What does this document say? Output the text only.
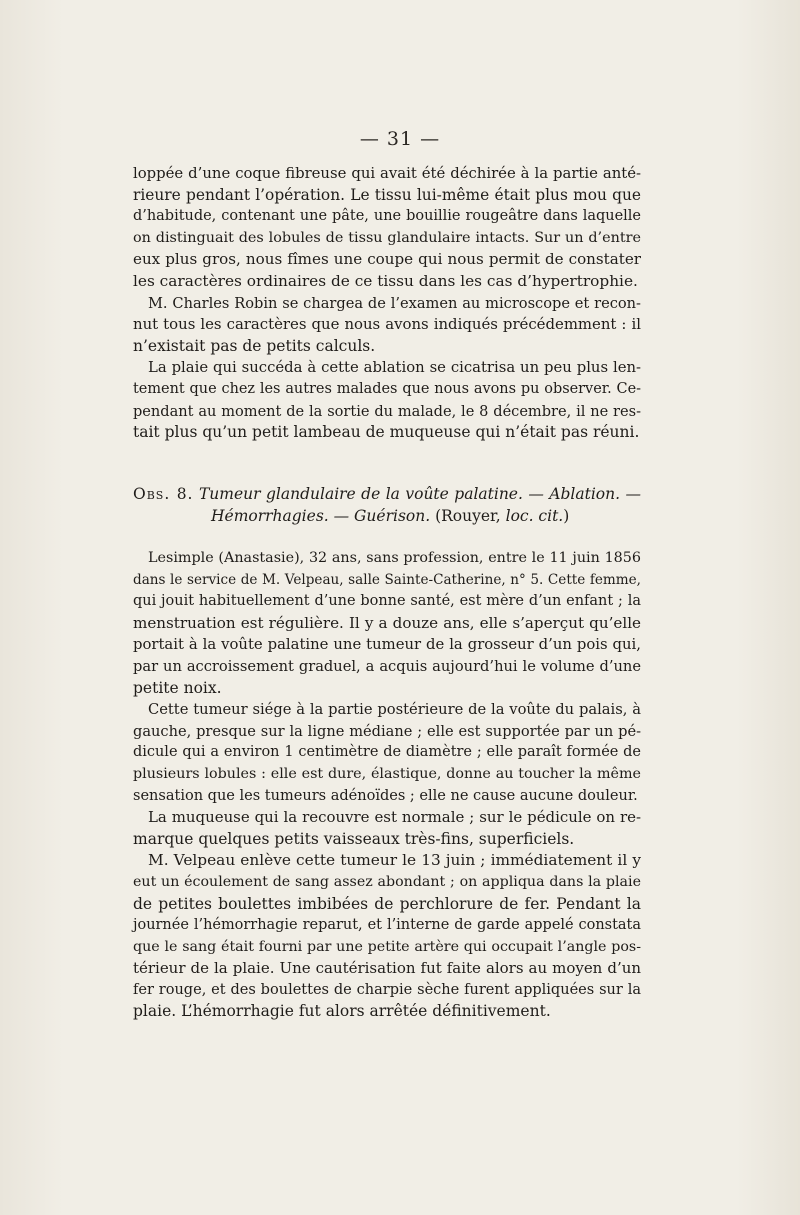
— 31 —
loppée d’une coque fibreuse qui avait été déchirée à la partie anté-
rieure pendant l’opération. Le tissu lui-même était plus mou que
d’habitude, contenant une pâte, une bouillie rougeâtre dans laquelle
on distinguait des lobules de tissu glandulaire intacts. Sur un d’entre
eux plus gros, nous fîmes une coupe qui nous permit de constater
les caractères ordinaires de ce tissu dans les cas d’hypertrophie.
M. Charles Robin se chargea de l’examen au microscope et recon-
nut tous les caractères que nous avons indiqués précédemment : il
n’existait pas de petits calculs.
La plaie qui succéda à cette ablation se cicatrisa un peu plus len-
tement que chez les autres malades que nous avons pu observer. Ce-
pendant au moment de la sortie du malade, le 8 décembre, il ne res-
tait plus qu’un petit lambeau de muqueuse qui n’était pas réuni.
Obs. 8. Tumeur glandulaire de la voûte palatine. — Ablation. —
Hémorrhagies. — Guérison. (Rouyer, loc. cit.)
Lesimple (Anastasie), 32 ans, sans profession, entre le 11 juin 1856
dans le service de M. Velpeau, salle Sainte-Catherine, n° 5. Cette femme,
qui jouit habituellement d’une bonne santé, est mère d’un enfant ; la
menstruation est régulière. Il y a douze ans, elle s’aperçut qu’elle
portait à la voûte palatine une tumeur de la grosseur d’un pois qui,
par un accroissement graduel, a acquis aujourd’hui le volume d’une
petite noix.
Cette tumeur siége à la partie postérieure de la voûte du palais, à
gauche, presque sur la ligne médiane ; elle est supportée par un pé-
dicule qui a environ 1 centimètre de diamètre ; elle paraît formée de
plusieurs lobules : elle est dure, élastique, donne au toucher la même
sensation que les tumeurs adénoïdes ; elle ne cause aucune douleur.
La muqueuse qui la recouvre est normale ; sur le pédicule on re-
marque quelques petits vaisseaux très-fins, superficiels.
M. Velpeau enlève cette tumeur le 13 juin ; immédiatement il y
eut un écoulement de sang assez abondant ; on appliqua dans la plaie
de petites boulettes imbibées de perchlorure de fer. Pendant la
journée l’hémorrhagie reparut, et l’interne de garde appelé constata
que le sang était fourni par une petite artère qui occupait l’angle pos-
térieur de la plaie. Une cautérisation fut faite alors au moyen d’un
fer rouge, et des boulettes de charpie sèche furent appliquées sur la
plaie. L’hémorrhagie fut alors arrêtée définitivement.
